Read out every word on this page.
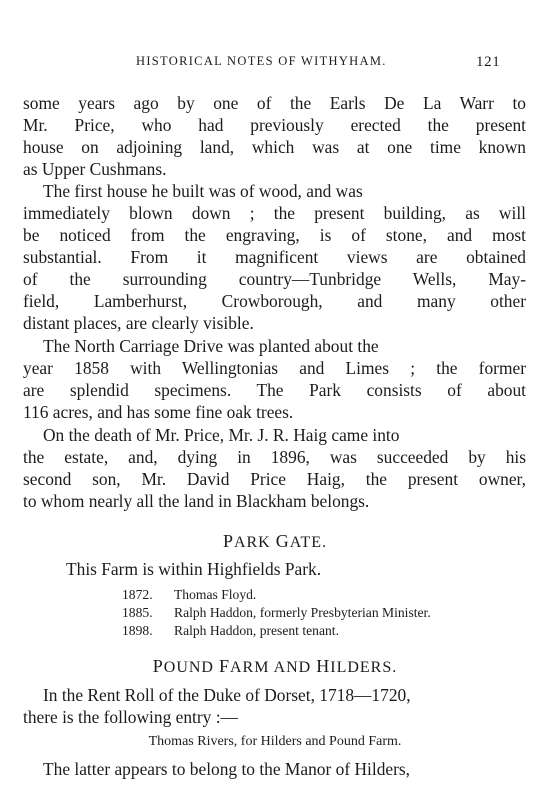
HISTORICAL NOTES OF WITHYHAM.	121
some years ago by one of the Earls De La Warr to
Mr. Price, who had previously erected the present
house on adjoining land, which was at one time known
as Upper Cushmans.
The first house he built was of wood, and was
immediately blown down ; the present building, as will
be noticed from the engraving, is of stone, and most
substantial. From it magnificent views are obtained
of the surrounding country—Tunbridge Wells, May-
field, Lamberhurst, Crowborough, and many other
distant places, are clearly visible.
The North Carriage Drive was planted about the
year 1858 with Wellingtonias and Limes ; the former
are splendid specimens. The Park consists of about
116 acres, and has some fine oak trees.
On the death of Mr. Price, Mr. J. R. Haig came into
the estate, and, dying in 1896, was succeeded by his
second son, Mr. David Price Haig, the present owner,
to whom nearly all the land in Blackham belongs.
PARK GATE.
This Farm is within Highfields Park.
1872. Thomas Floyd.
1885. Ralph Haddon, formerly Presbyterian Minister.
1898. Ralph Haddon, present tenant.
POUND FARM AND HILDERS.
In the Rent Roll of the Duke of Dorset, 1718—1720,
there is the following entry :—
Thomas Rivers, for Hilders and Pound Farm.
The latter appears to belong to the Manor of Hilders,
